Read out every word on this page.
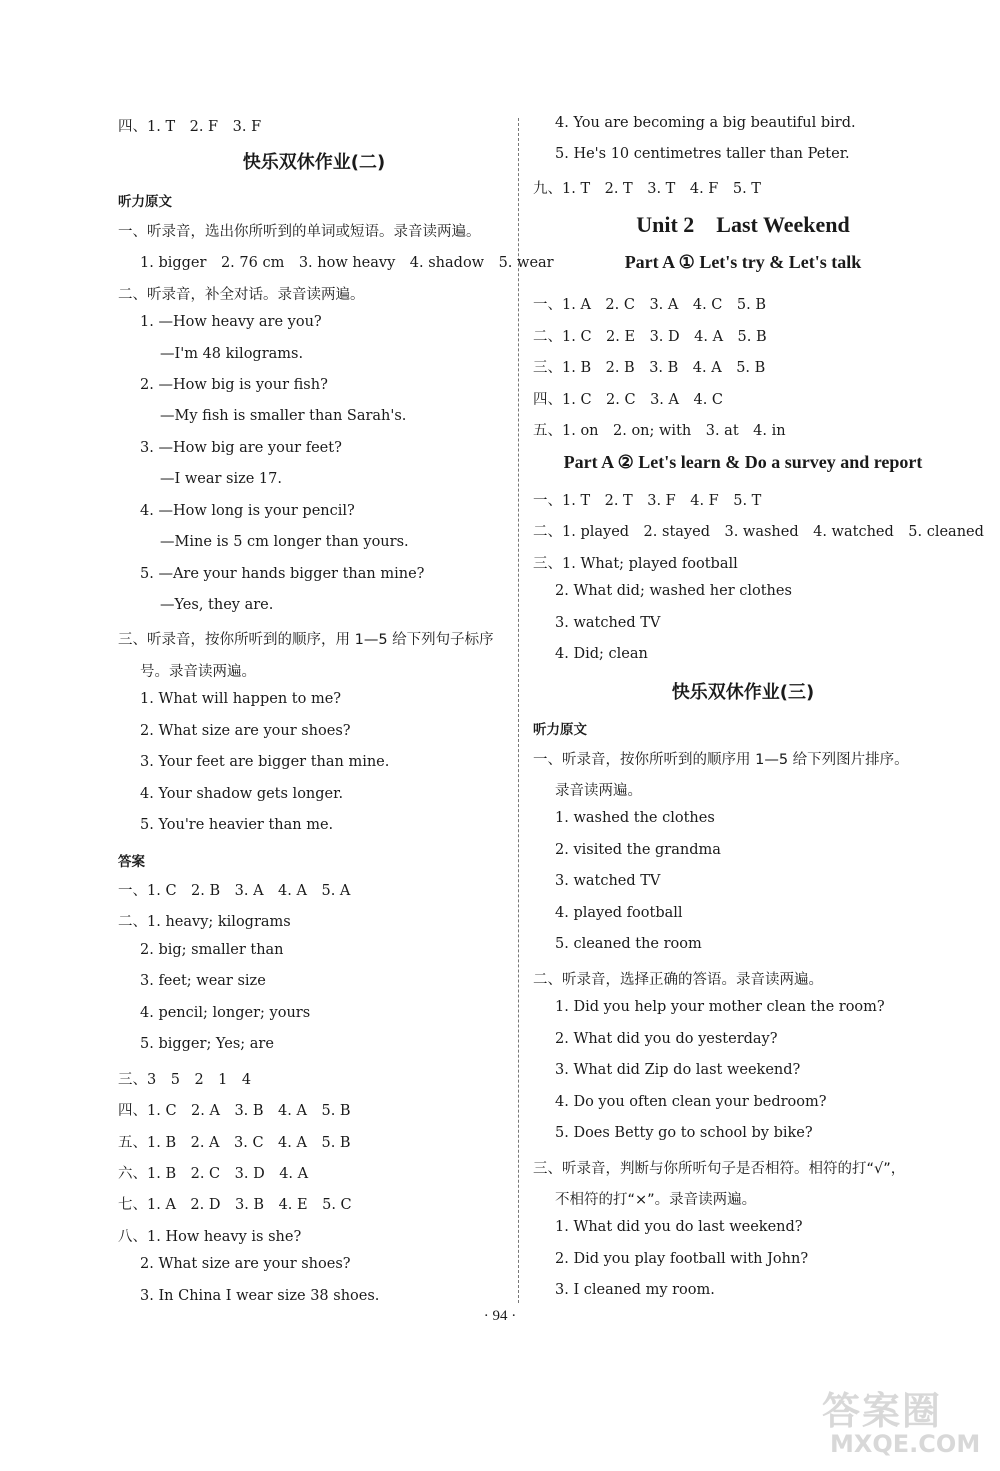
四、1. T　2. F　3. F
快乐双休作业(二)
听力原文
一、听录音，选出你所听到的单词或短语。录音读两遍。
1. bigger　2. 76 cm　3. how heavy　4. shadow　5. wear
二、听录音，补全对话。录音读两遍。
1. —How heavy are you?
—I'm 48 kilograms.
2. —How big is your fish?
—My fish is smaller than Sarah's.
3. —How big are your feet?
—I wear size 17.
4. —How long is your pencil?
—Mine is 5 cm longer than yours.
5. —Are your hands bigger than mine?
—Yes, they are.
三、听录音，按你所听到的顺序，用 1—5 给下列句子标序
号。录音读两遍。
1. What will happen to me?
2. What size are your shoes?
3. Your feet are bigger than mine.
4. Your shadow gets longer.
5. You're heavier than me.
答案
一、1. C　2. B　3. A　4. A　5. A
二、1. heavy; kilograms
2. big; smaller than
3. feet; wear size
4. pencil; longer; yours
5. bigger; Yes; are
三、3　5　2　1　4
四、1. C　2. A　3. B　4. A　5. B
五、1. B　2. A　3. C　4. A　5. B
六、1. B　2. C　3. D　4. A
七、1. A　2. D　3. B　4. E　5. C
八、1. How heavy is she?
2. What size are your shoes?
3. In China I wear size 38 shoes.
4. You are becoming a big beautiful bird.
5. He's 10 centimetres taller than Peter.
九、1. T　2. T　3. T　4. F　5. T
Unit 2　Last Weekend
Part A ① Let's try & Let's talk
一、1. A　2. C　3. A　4. C　5. B
二、1. C　2. E　3. D　4. A　5. B
三、1. B　2. B　3. B　4. A　5. B
四、1. C　2. C　3. A　4. C
五、1. on　2. on; with　3. at　4. in
Part A ② Let's learn & Do a survey and report
一、1. T　2. T　3. F　4. F　5. T
二、1. played　2. stayed　3. washed　4. watched　5. cleaned
三、1. What; played football
2. What did; washed her clothes
3. watched TV
4. Did; clean
快乐双休作业(三)
听力原文
一、听录音，按你所听到的顺序用 1—5 给下列图片排序。
录音读两遍。
1. washed the clothes
2. visited the grandma
3. watched TV
4. played football
5. cleaned the room
二、听录音，选择正确的答语。录音读两遍。
1. Did you help your mother clean the room?
2. What did you do yesterday?
3. What did Zip do last weekend?
4. Do you often clean your bedroom?
5. Does Betty go to school by bike?
三、听录音，判断与你所听句子是否相符。相符的打“√”，
不相符的打“×”。录音读两遍。
1. What did you do last weekend?
2. Did you play football with John?
3. I cleaned my room.
· 94 ·
答案圈
MXQE.COM
